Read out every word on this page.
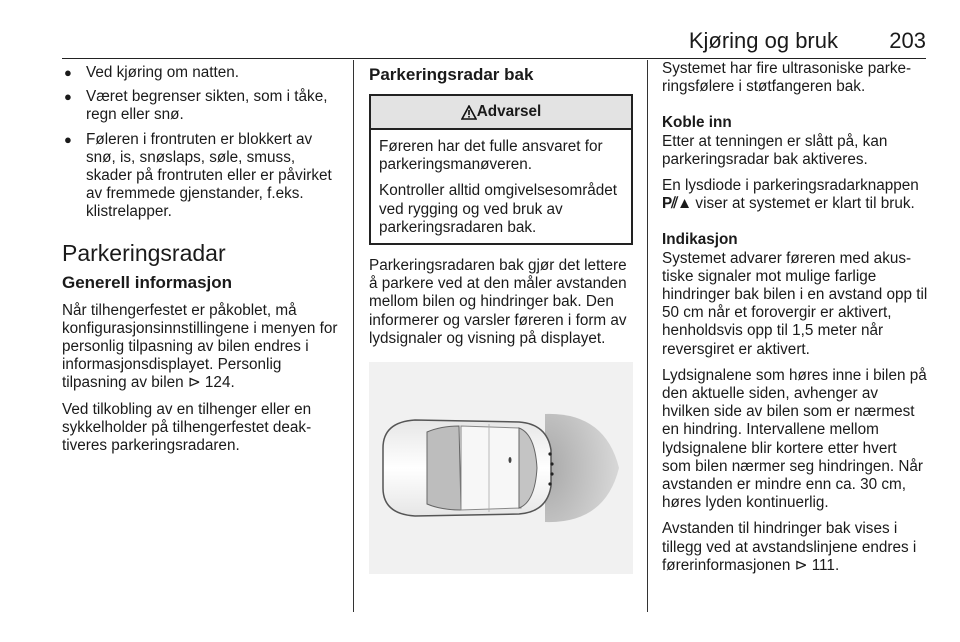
Kjøring og bruk 203
● Ved kjøring om natten.
● Været begrenser sikten, som i tåke, regn eller snø.
● Føleren i frontruten er blokkert av snø, is, snøslaps, søle, smuss, skader på frontruten eller er påvirket av fremmede gjenstander, f.eks. klistrelapper.
Parkeringsradar
Generell informasjon

Når tilhengerfestet er påkoblet, må konfigurasjonsinnstillingene i menyen for personlig tilpasning av bilen endres i informasjonsdisplayet. Personlig tilpasning av bilen ⊳ 124.

Ved tilkobling av en tilhenger eller en sykkelholder på tilhengerfestet deaktiveres parkeringsradaren.

Parkeringsradar bak
Advarsel

Føreren har det fulle ansvaret for parkeringsmanøveren.

Kontroller alltid omgivelsesområdet ved rygging og ved bruk av parkeringsradaren bak.

Parkeringsradaren bak gjør det lettere å parkere ved at den måler avstanden mellom bilen og hindringer bak. Den informerer og varsler føreren i form av lydsignaler og visning på displayet.

Systemet har fire ultrasoniske parkeringsfølere i støtfangeren bak.

Koble inn

Etter at tenningen er slått på, kan parkeringsradar bak aktiveres.

En lysdiode i parkeringsradarknappen P⫽▲ viser at systemet er klart til bruk.

Indikasjon

Systemet advarer føreren med akustiske signaler mot mulige farlige hindringer bak bilen i en avstand opp til 50 cm når et forovergir er aktivert, henholdsvis opp til 1,5 meter når reversgiret er aktivert.

Lydsignalene som høres inne i bilen på den aktuelle siden, avhenger av hvilken side av bilen som er nærmest en hindring. Intervallene mellom lydsignalene blir kortere etter hvert som bilen nærmer seg hindringen. Når avstanden er mindre enn ca. 30 cm, høres lyden kontinuerlig.

Avstanden til hindringer bak vises i tillegg ved at avstandslinjene endres i førerinformasjonen ⊳ 111.
